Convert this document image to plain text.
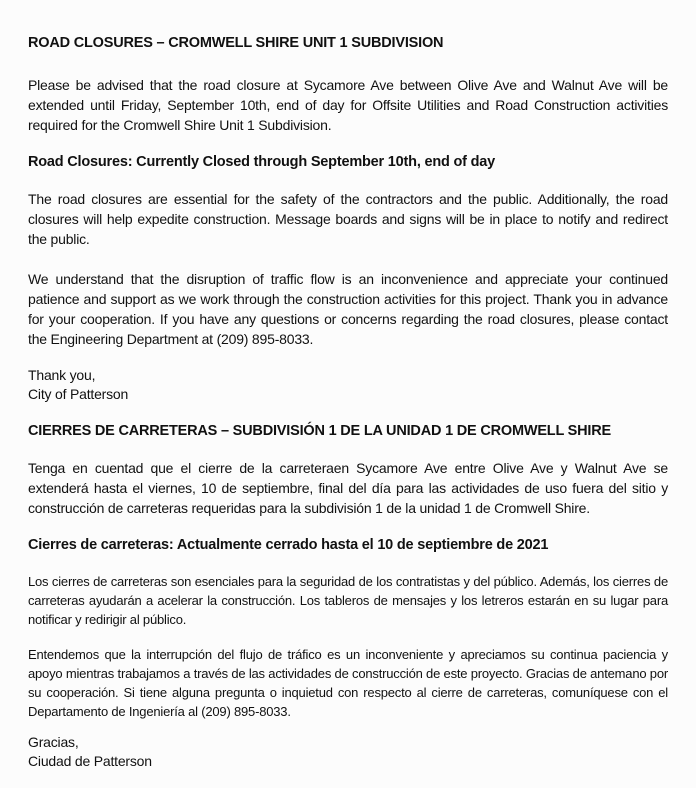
ROAD CLOSURES – CROMWELL SHIRE UNIT 1 SUBDIVISION

Please be advised that the road closure at Sycamore Ave between Olive Ave and Walnut Ave will be extended until Friday, September 10th, end of day for Offsite Utilities and Road Construction activities required for the Cromwell Shire Unit 1 Subdivision.

Road Closures: Currently Closed through September 10th, end of day

The road closures are essential for the safety of the contractors and the public. Additionally, the road closures will help expedite construction. Message boards and signs will be in place to notify and redirect the public.

We understand that the disruption of traffic flow is an inconvenience and appreciate your continued patience and support as we work through the construction activities for this project. Thank you in advance for your cooperation. If you have any questions or concerns regarding the road closures, please contact the Engineering Department at (209) 895-8033.

Thank you,
City of Patterson
CIERRES DE CARRETERAS – SUBDIVISIÓN 1 DE LA UNIDAD 1 DE CROMWELL SHIRE

Tenga en cuentad que el cierre de la carreteraen Sycamore Ave entre Olive Ave y Walnut Ave se extenderá hasta el viernes, 10 de septiembre, final del día para las actividades de uso fuera del sitio y construcción de carreteras requeridas para la subdivisión 1 de la unidad 1 de Cromwell Shire.

Cierres de carreteras: Actualmente cerrado hasta el 10 de septiembre de 2021

Los cierres de carreteras son esenciales para la seguridad de los contratistas y del público. Además, los cierres de carreteras ayudarán a acelerar la construcción. Los tableros de mensajes y los letreros estarán en su lugar para notificar y redirigir al público.

Entendemos que la interrupción del flujo de tráfico es un inconveniente y apreciamos su continua paciencia y apoyo mientras trabajamos a través de las actividades de construcción de este proyecto. Gracias de antemano por su cooperación. Si tiene alguna pregunta o inquietud con respecto al cierre de carreteras, comuníquese con el Departamento de Ingeniería al (209) 895-8033.

Gracias,
Ciudad de Patterson
